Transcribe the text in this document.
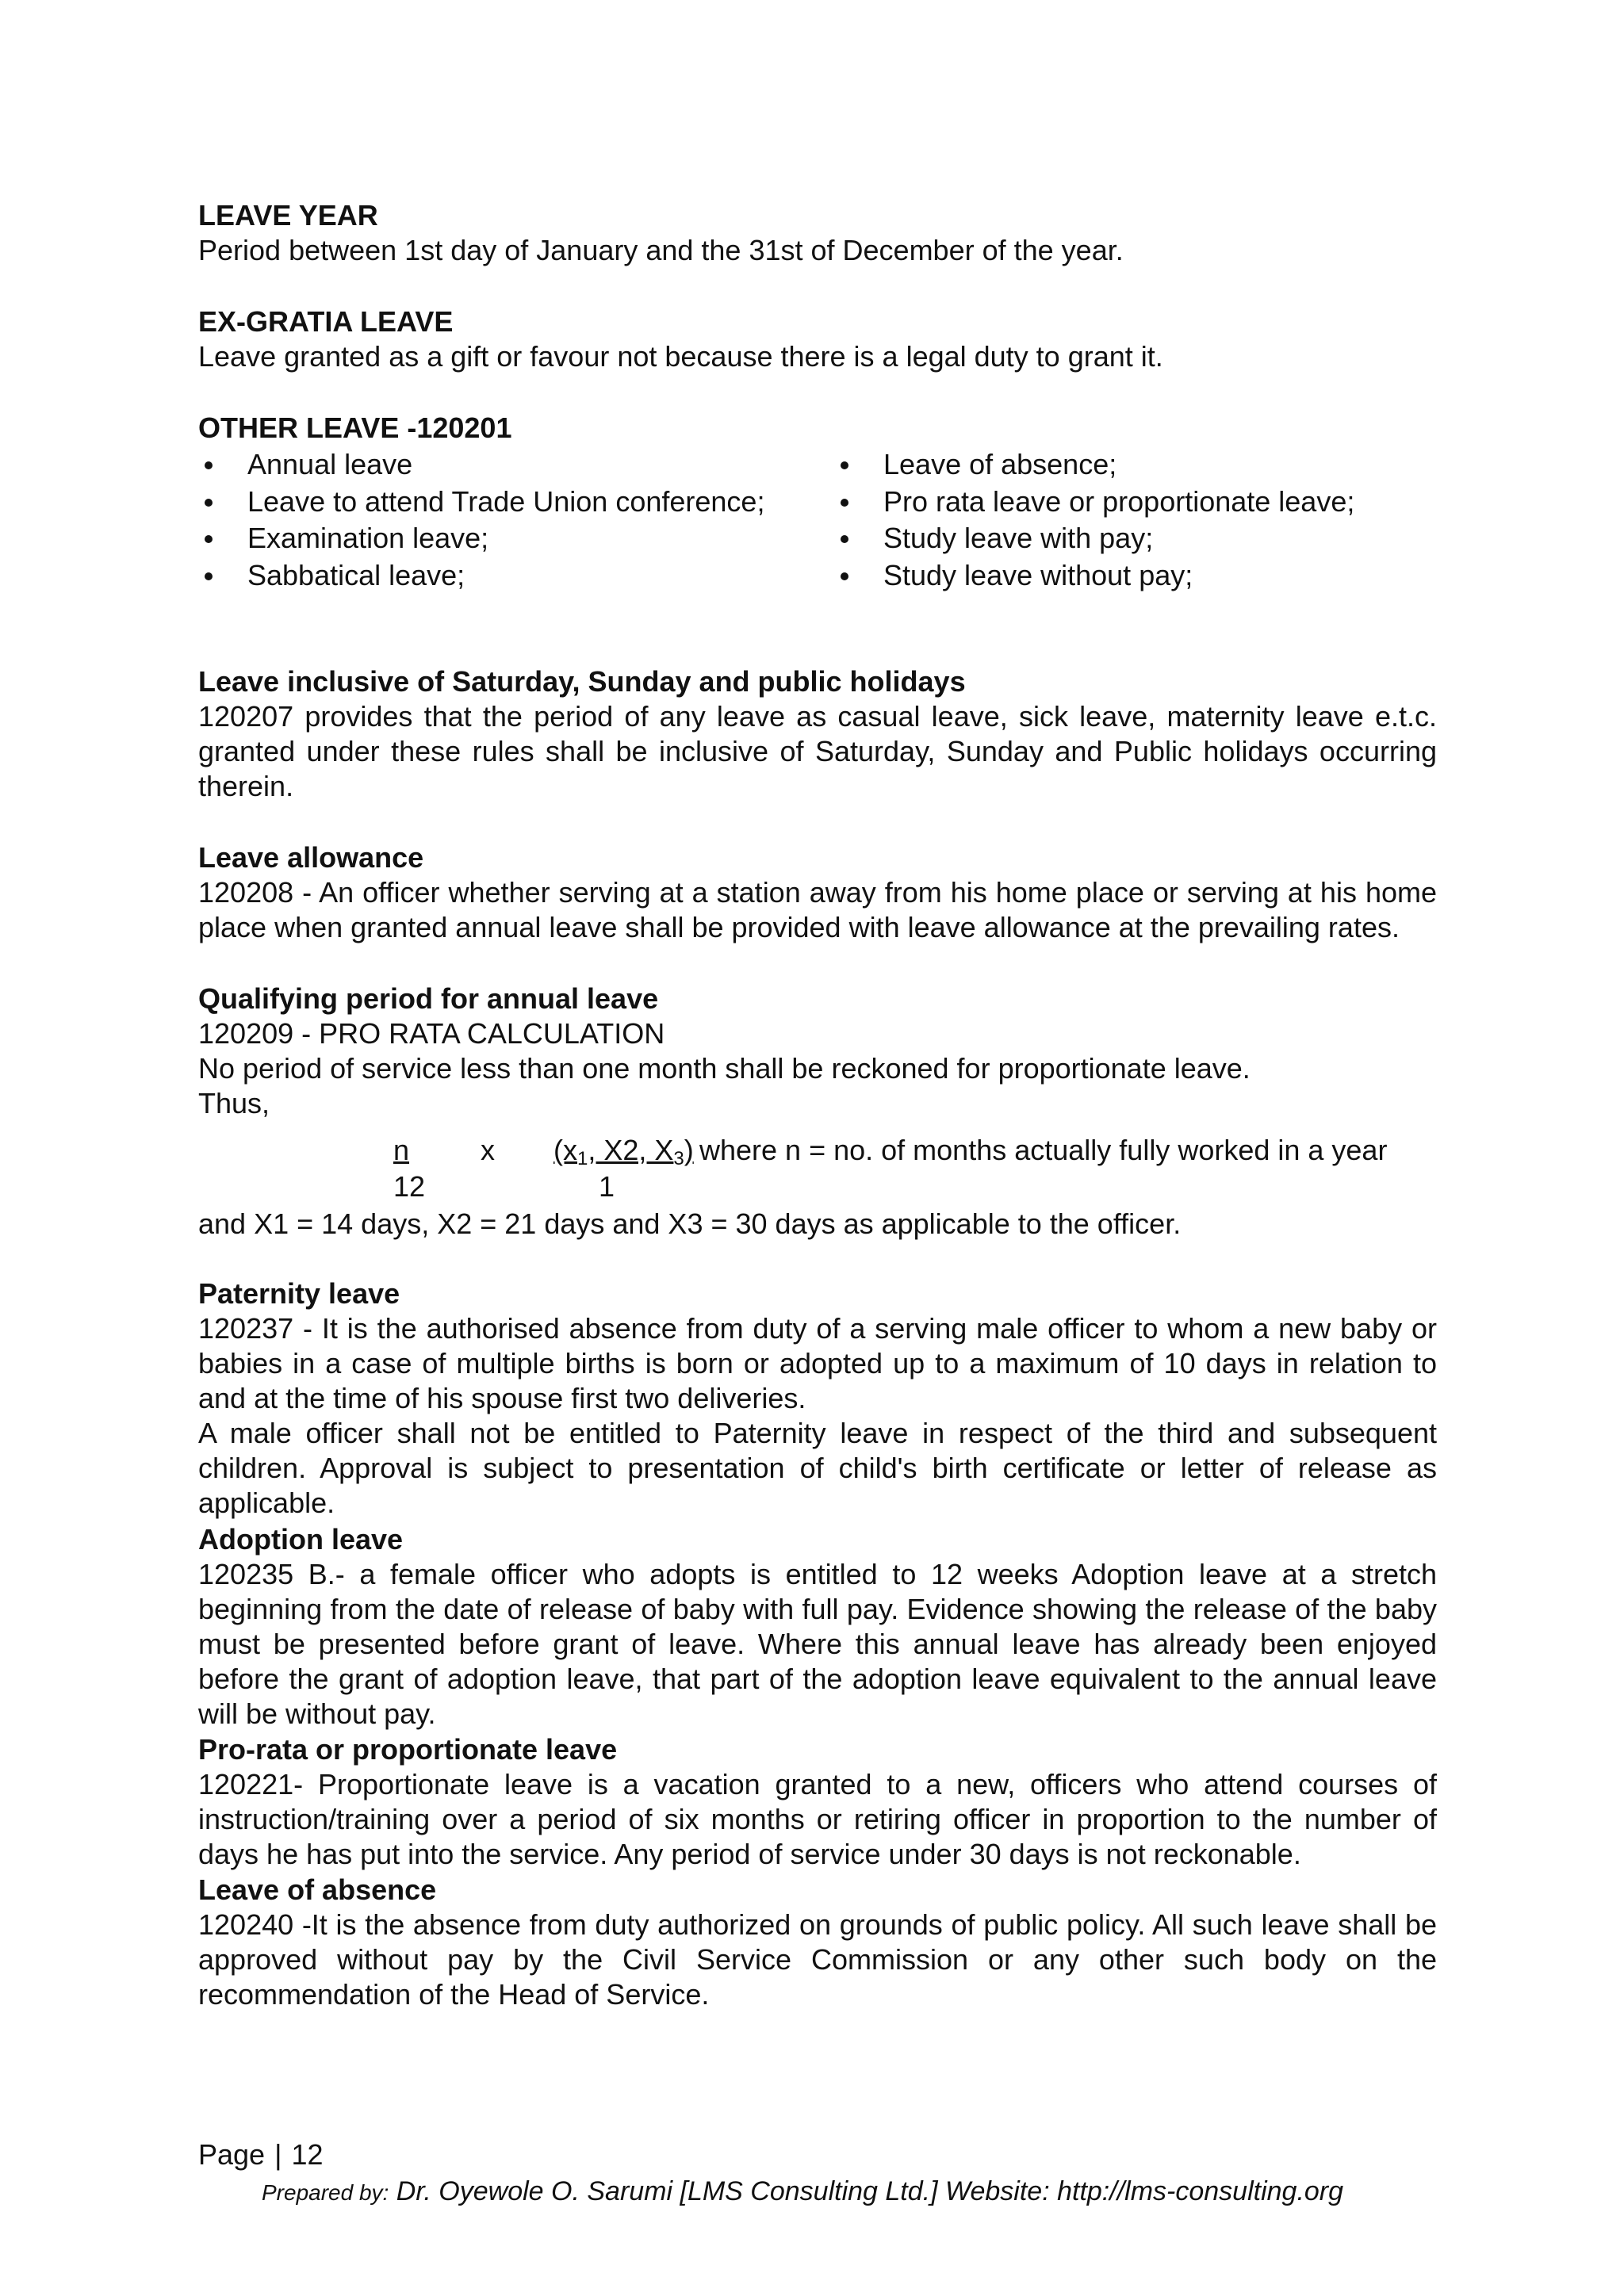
LEAVE YEAR

Period between 1st day of January and the 31st of December of the year.

EX-GRATIA LEAVE

Leave granted as a gift or favour not because there is a legal duty to grant it.

OTHER LEAVE -120201

Annual leave
Leave to attend Trade Union conference;
Examination leave;
Sabbatical leave;
Leave of absence;
Pro rata leave or proportionate leave;
Study leave with pay;
Study leave without pay;

Leave inclusive of Saturday, Sunday and public holidays

120207 provides that the period of any leave as casual leave, sick leave, maternity leave e.t.c. granted under these rules shall be inclusive of Saturday, Sunday and Public holidays occurring therein.

Leave allowance

120208 - An officer whether serving at a station away from his home place or serving at his home place when granted annual leave shall be provided with leave allowance at the prevailing rates.

Qualifying period for annual leave

120209 - PRO RATA CALCULATION

No period of service less than one month shall be reckoned for proportionate leave.

Thus,

n
12
x ($x_1$, X2, $X_3$)
1
where n = no. of months actually fully worked in a year

and X1 = 14 days, X2 = 21 days and X3 = 30 days as applicable to the officer.

Paternity leave

120237 - It is the authorised absence from duty of a serving male officer to whom a new baby or babies in a case of multiple births is born or adopted up to a maximum of 10 days in relation to and at the time of his spouse first two deliveries.

A male officer shall not be entitled to Paternity leave in respect of the third and subsequent children. Approval is subject to presentation of child's birth certificate or letter of release as applicable.

Adoption leave

120235 B.- a female officer who adopts is entitled to 12 weeks Adoption leave at a stretch beginning from the date of release of baby with full pay. Evidence showing the release of the baby must be presented before grant of leave. Where this annual leave has already been enjoyed before the grant of adoption leave, that part of the adoption leave equivalent to the annual leave will be without pay.

Pro-rata or proportionate leave

120221- Proportionate leave is a vacation granted to a new, officers who attend courses of instruction/training over a period of six months or retiring officer in proportion to the number of days he has put into the service. Any period of service under 30 days is not reckonable.

Leave of absence

120240 -It is the absence from duty authorized on grounds of public policy. All such leave shall be approved without pay by the Civil Service Commission or any other such body on the recommendation of the Head of Service.

Page | 12
Prepared by: Dr. Oyewole O. Sarumi [LMS Consulting Ltd.] Website: http://lms-consulting.org
